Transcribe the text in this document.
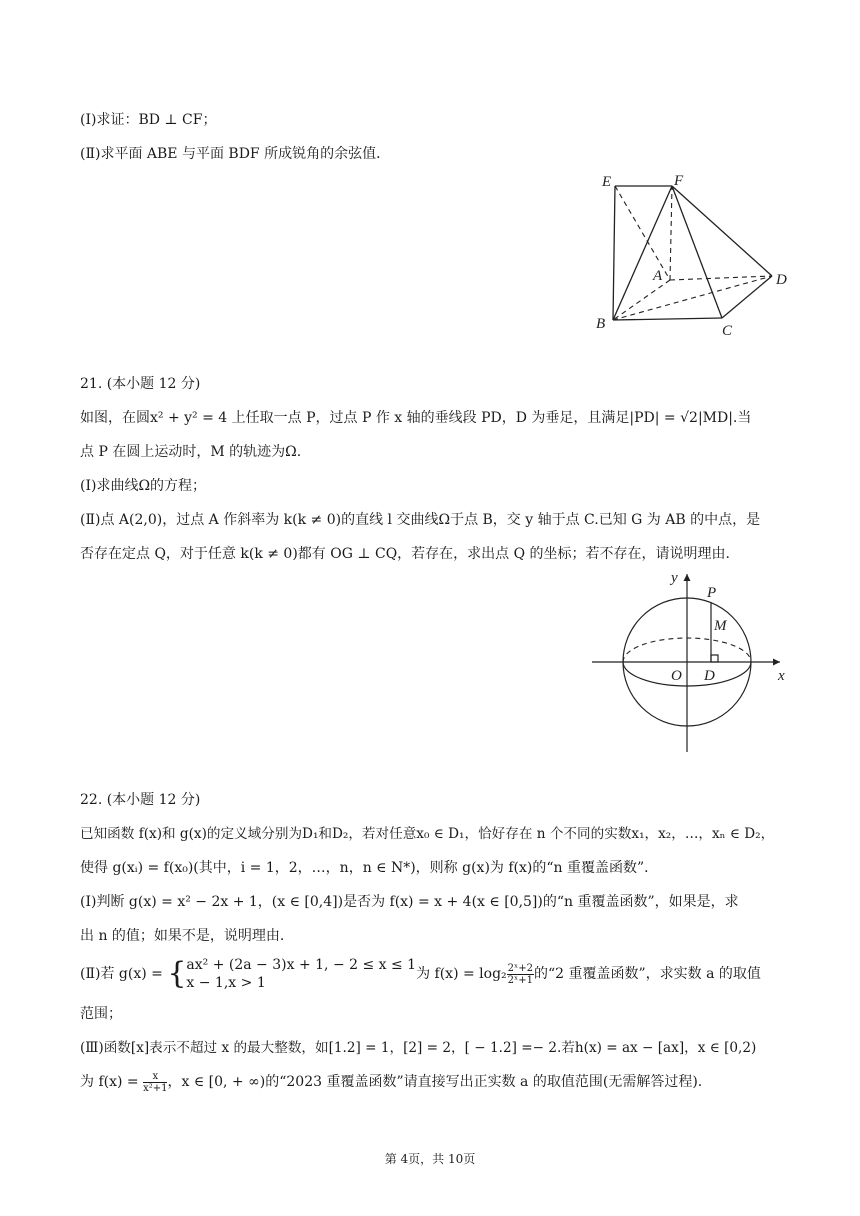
(Ⅰ)求证：BD ⊥ CF；
(Ⅱ)求平面 ABE 与平面 BDF 所成锐角的余弦值．
E	F
A	D
B	C
21. (本小题 12 分)
如图，在圆x² + y² = 4 上任取一点 P，过点 P 作 x 轴的垂线段 PD，D 为垂足，且满足|PD| = √2|MD|.当
点 P 在圆上运动时，M 的轨迹为Ω.
(Ⅰ)求曲线Ω的方程；
(Ⅱ)点 A(2,0)，过点 A 作斜率为 k(k ≠ 0)的直线 l 交曲线Ω于点 B，交 y 轴于点 C.已知 G 为 AB 的中点，是
否存在定点 Q，对于任意 k(k ≠ 0)都有 OG ⊥ CQ，若存在，求出点 Q 的坐标；若不存在，请说明理由.
y
x
P
M
O D
22. (本小题 12 分)
已知函数 f(x)和 g(x)的定义域分别为D₁和D₂，若对任意x₀ ∈ D₁，恰好存在 n 个不同的实数x₁，x₂，…，xₙ ∈ D₂，
使得 g(xᵢ) = f(x₀)(其中，i = 1，2，…，n，n ∈ N*)，则称 g(x)为 f(x)的“n 重覆盖函数”．
(Ⅰ)判断 g(x) = x² − 2x + 1，(x ∈ [0,4])是否为 f(x) = x + 4(x ∈ [0,5])的“n 重覆盖函数”，如果是，求
出 n 的值；如果不是，说明理由.
(Ⅱ)若 g(x) = { ax² + (2a − 3)x + 1, − 2 ≤ x ≤ 1
x − 1,x > 1
为 $f(x) = \log_2 \frac{\text{2ˣ+2}}{\text{2ˣ+1}}$ 的“2 重覆盖函数”，求实数 a 的取值
范围；
(Ⅲ)函数[x]表示不超过 x 的最大整数，如[1.2] = 1，[2] = 2，[ − 1.2] =− 2.若h(x) = ax − [ax]，x ∈ [0,2)
为 $f(x) = \frac{x}{\text{x²+1}}$ ，x ∈ [0, + ∞)的“2023 重覆盖函数”请直接写出正实数 a 的取值范围(无需解答过程).
第 4页，共 10页
